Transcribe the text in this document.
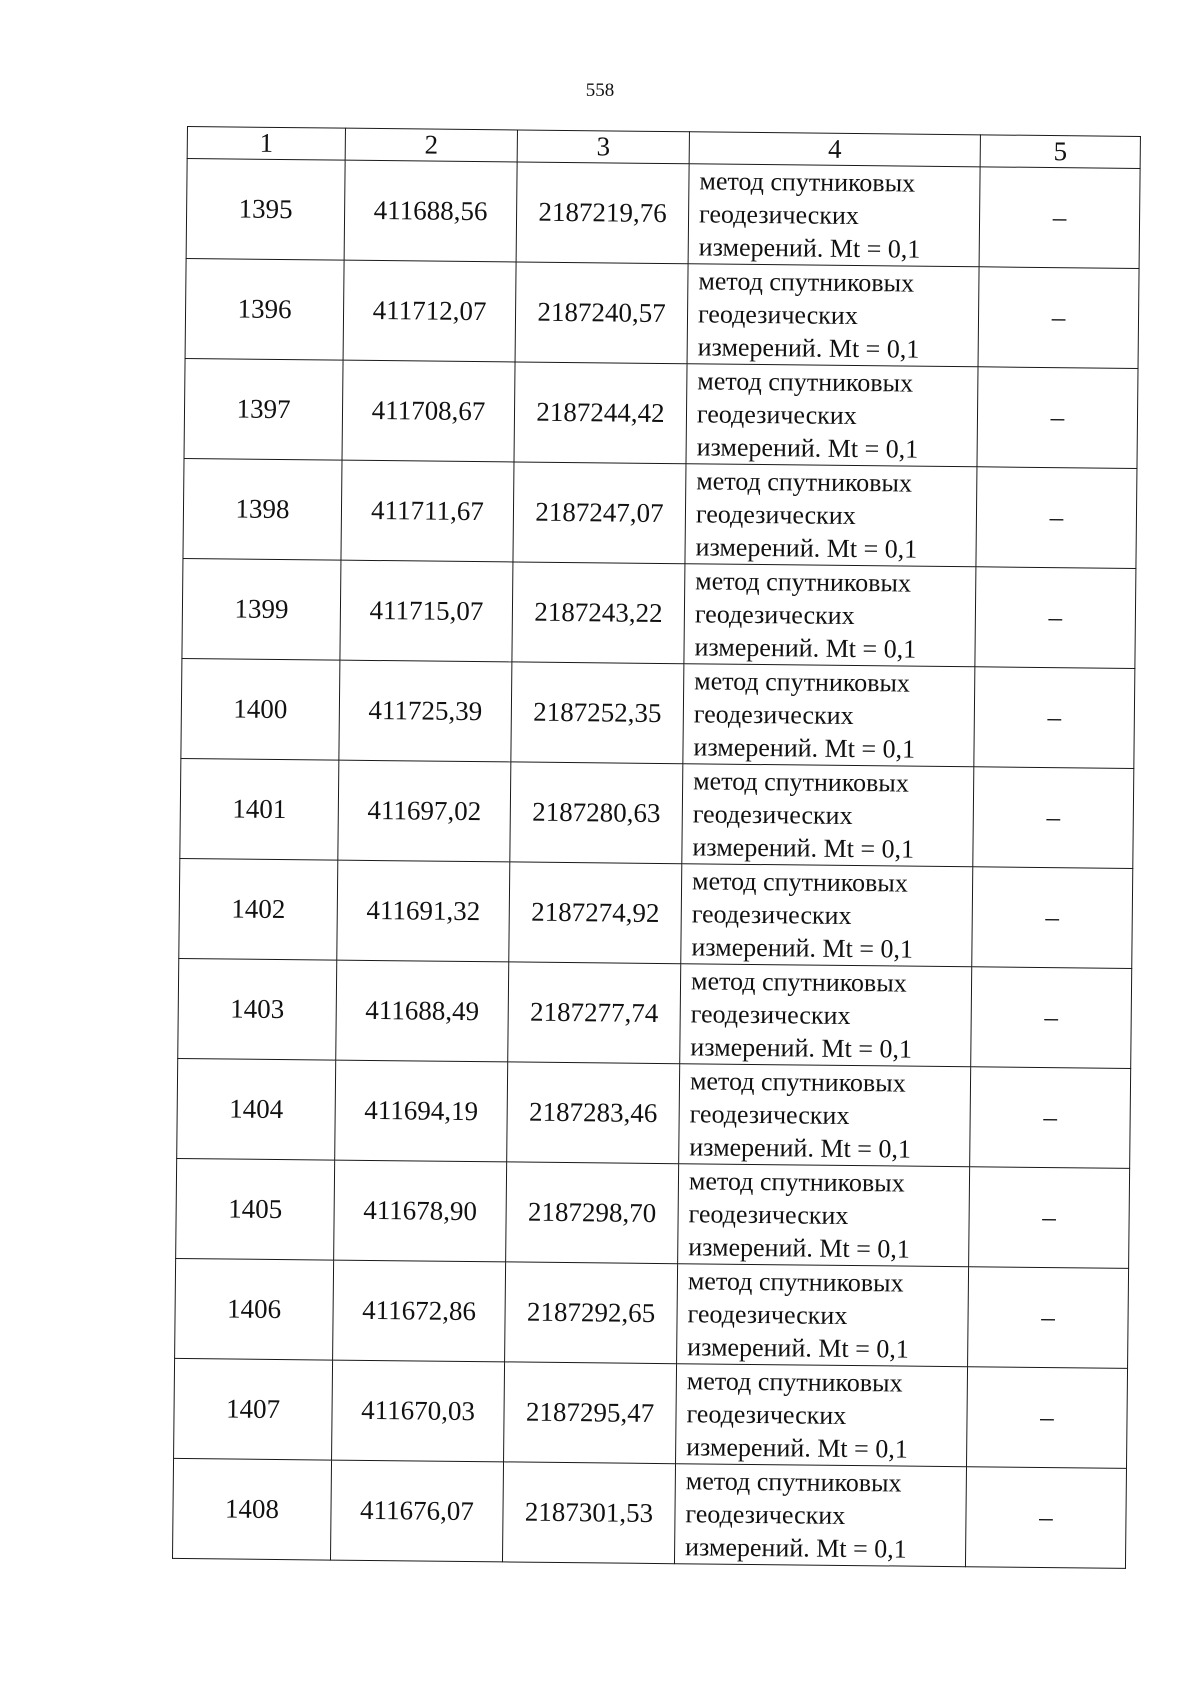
558
1	2	3	4	5
1395	411688,56	2187219,76	метод спутниковых
геодезических
измерений. Mt = 0,1	–
1396	411712,07	2187240,57	метод спутниковых
геодезических
измерений. Mt = 0,1	–
1397	411708,67	2187244,42	метод спутниковых
геодезических
измерений. Mt = 0,1	–
1398	411711,67	2187247,07	метод спутниковых
геодезических
измерений. Mt = 0,1	–
1399	411715,07	2187243,22	метод спутниковых
геодезических
измерений. Mt = 0,1	–
1400	411725,39	2187252,35	метод спутниковых
геодезических
измерений. Mt = 0,1	–
1401	411697,02	2187280,63	метод спутниковых
геодезических
измерений. Mt = 0,1	–
1402	411691,32	2187274,92	метод спутниковых
геодезических
измерений. Mt = 0,1	–
1403	411688,49	2187277,74	метод спутниковых
геодезических
измерений. Mt = 0,1	–
1404	411694,19	2187283,46	метод спутниковых
геодезических
измерений. Mt = 0,1	–
1405	411678,90	2187298,70	метод спутниковых
геодезических
измерений. Mt = 0,1	–
1406	411672,86	2187292,65	метод спутниковых
геодезических
измерений. Mt = 0,1	–
1407	411670,03	2187295,47	метод спутниковых
геодезических
измерений. Mt = 0,1	–
1408	411676,07	2187301,53	метод спутниковых
геодезических
измерений. Mt = 0,1	–
